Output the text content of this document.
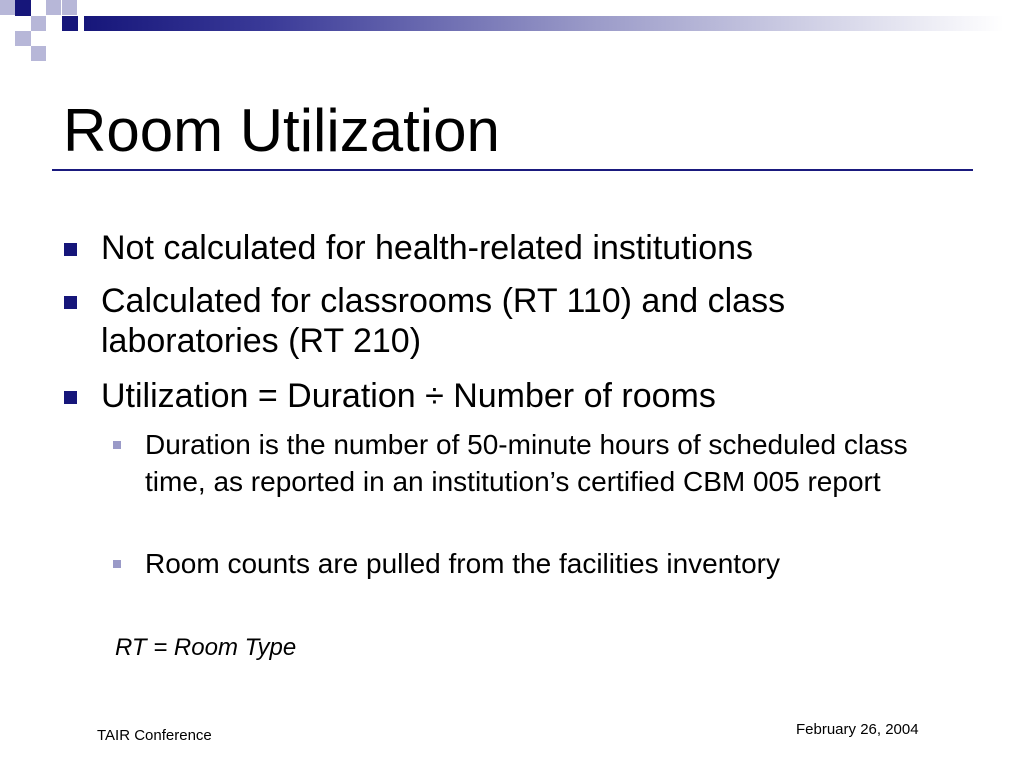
Room Utilization
Not calculated for health-related institutions
Calculated for classrooms (RT 110) and class laboratories (RT 210)
Utilization = Duration ÷ Number of rooms
Duration is the number of 50-minute hours of scheduled class time, as reported in an institution’s certified CBM 005 report
Room counts are pulled from the facilities inventory
RT = Room Type
TAIR Conference	February 26, 2004
